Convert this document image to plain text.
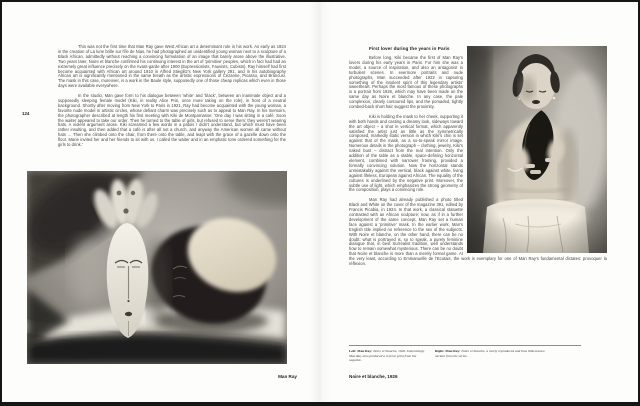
124

This was not the first time that Man Ray gave West African art a determinant role in his work. As early as 1924 in the creation of La lune brille sur l'île de Nias, he had photographed an unidentified young woman next to a sculpture of a Black African, admittedly without reaching a convincing formulation of an image that barely arose above the illustrative. Two years later, Noire et blanche confirmed his continuing interest in the art of 'primitive' peoples, which in fact had had an extremely great influence precisely on the Avant-garde after 1900 (Expressionists, Fauvists, Cubists). Ray himself had first become acquainted with African art around 1910 in Alfred Stieglitz's New York gallery 291, and in his autobiography African art is significantly mentioned in the same breath as the artistic expressions of Cézanne, Picasso, and Brancusi. The mask in this case, moreover, is a work in the Baule style, supposedly one of those cheap replicas which even in those days were available everywhere.

In the studio, Man gave form to his dialogue between 'white' and 'black', between an inanimate object and a supposedly sleeping female model (Kiki, in reality Alice Prin, once more taking on the role), in front of a neutral background. Shortly after moving from New York to Paris in 1921, Ray had become acquainted with the young woman, a favorite nude model in artistic circles, whose defiant charm was precisely such as to appeal to Man Ray. In his memoirs, the photographer described at length his first meeting with Kiki de Montparnasse: 'One day I was sitting in a café. Soon the waiter appeared to take our order. Then he turned to the table of girls, but refused to serve them: they weren't wearing hats. A violent argument arose. Kiki screamed a few words in a patois I didn't understand, but which must have been rather insulting, and then added that a café is after all not a church, and anyway the American women all came without hats … Then she climbed onto the chair, from there onto the table, and leapt with the grace of a gazelle down onto the floor. Marie invited her and her friends to sit with us. I called the waiter and in an emphatic tone ordered something for the girls to drink.'

Man Ray
First lover during the years in Paris

Before long, Kiki became the first of Man Ray's lovers during his early years in Paris. For him she was a model, a source of inspiration, and also an antagonist in turbulent scenes. In evermore portraits and nude photographs, Man succeeded after 1922 in capturing something of the insolent spirit of this legendary artists' sweetheart. Perhaps the most famous of these photographs is a portrait from 1926, which may have been made on the same day as Noire et blanche. In any case, the pale complexion, clearly contoured lips, and the pomaded, tightly combed-back short hair suggest the proximity.

Kiki is holding the mask to her cheek, supporting it with both hands and casting a dreamy look, sideways toward the art object – a shot in vertical format, which apparently satisfied the artist just as little as the symmetrically composed, markedly static version in which Kiki's chin is set against that of the mask, as a so-to-speak mirror image. Numerous details in the photograph – clothing, jewelry, Kiki's naked bust – distract from the real intention. Only the addition of the table as a stable, space-defining horizontal element, combined with narrower framing, provided a formally convincing solution. Now the horizontal stands unmistakably against the vertical, black against white, living against lifeless, European against African. The equality of the cultures is underlined by the negative print. Moreover, the subtle use of light, which emphasizes the strong geometry of the composition, plays a convincing role.

Man Ray had already published a photo titled Black and White on the cover of the magazine 391, edited by Francis Picabia, in 1924. In that work, a classical statuette contrasted with an African sculpture; now, as if in a further development of the same concept, Man Ray set a human face against a 'primitive' mask. In the earlier work, Man's English title implied no reference to the sex of the subjects. With Noire et blanche, on the other hand, there can be no doubt: what is portrayed is, so to speak, a purely feminine dialogue that, in best Surrealist tradition, well understands how to remain somewhat mysterious. There can be no doubt that Noire et blanche is more than a merely formal game. At the very least, according to Emmanuelle de l'Ecotais, the work is exemplary for one of Man Ray's fundamental dictates: provoquer la réflexion.

Left: Man Ray: Noire et blanche, 1926. Interestingly Man Ray also produced a reverse print from the negative.
Right: Man Ray: Noire et blanche, a rarely reproduced and thus little-known variant from the series.
Noire et blanche, 1926
